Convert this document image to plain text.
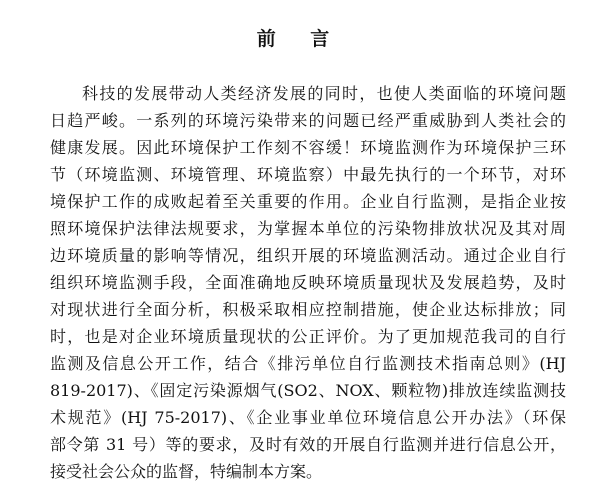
前 言
科技的发展带动人类经济发展的同时，也使人类面临的环境问题
日趋严峻。一系列的环境污染带来的问题已经严重威胁到人类社会的
健康发展。因此环境保护工作刻不容缓！环境监测作为环境保护三环
节（环境监测、环境管理、环境监察）中最先执行的一个环节，对环
境保护工作的成败起着至关重要的作用。企业自行监测，是指企业按
照环境保护法律法规要求，为掌握本单位的污染物排放状况及其对周
边环境质量的影响等情况，组织开展的环境监测活动。通过企业自行
组织环境监测手段，全面准确地反映环境质量现状及发展趋势，及时
对现状进行全面分析，积极采取相应控制措施，使企业达标排放；同
时，也是对企业环境质量现状的公正评价。为了更加规范我司的自行
监测及信息公开工作，结合《排污单位自行监测技术指南总则》(HJ
819-2017)、《固定污染源烟气(SO2、NOX、颗粒物)排放连续监测技
术规范》(HJ 75-2017)、《企业事业单位环境信息公开办法》（环保
部令第 31 号）等的要求，及时有效的开展自行监测并进行信息公开，
接受社会公众的监督，特编制本方案。
